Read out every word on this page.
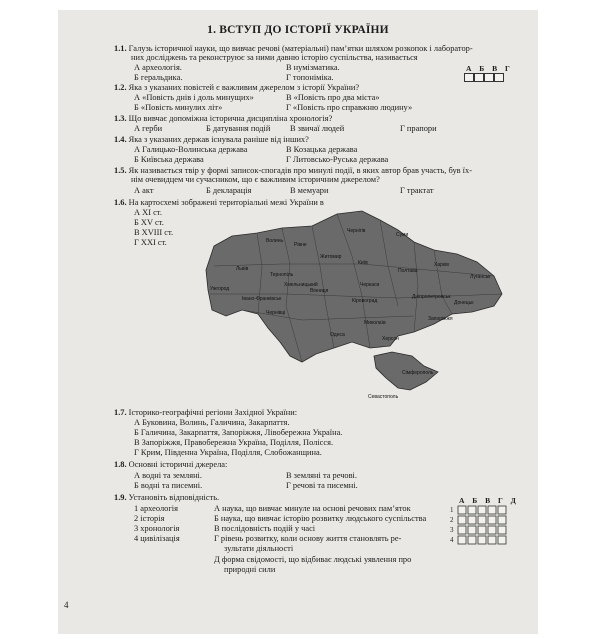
1. ВСТУП ДО ІСТОРІЇ УКРАЇНИ
1.1. Галузь історичної науки, що вивчає речові (матеріальні) пам’ятки шляхом розкопок і лаборатор-
них досліджень та реконструює за ними давню історію суспільства, називається
А археологія.	В нумізматика.
Б геральдика.	Г топоніміка.
А Б В Г
1.2. Яка з указаних повістей є важливим джерелом з історії України?
А «Повість днів і доль минущих»	В «Повість про два міста»
Б «Повість минулих літ»	Г «Повість про справжню людину»
1.3. Що вивчає допоміжна історична дисципліна хронологія?
А герби	Б датування подій В звичаї людей	Г прапори
1.4. Яка з указаних держав існувала раніше від інших?
А Галицько-Волинська держава	В Козацька держава
Б Київська держава	Г Литовсько-Руська держава
1.5. Як називається твір у формі записок-спогадів про минулі події, в яких автор брав участь, був їх-
нім очевидцем чи сучасником, що є важливим історичним джерелом?
А акт	Б декларація	В мемуари	Г трактат
1.6. На картосхемі зображені територіальні межі України в
А ХІ ст.
Б XV ст.
В XVIII ст.
Г XXI ст.	Волинь
Рівне
Житомир
Чернігів
Суми
Львів
Тернопіль
Хмельницький
Київ
Полтава
Харків
Луганськ
Ужгород
Івано-Франківськ
Вінниця
Черкаси
Кіровоград
Дніпропетровськ
Донецьк
Чернівці
Одеса
Миколаїв
Херсон
Запоріжжя
Сімферополь
Севастополь
1.7. Історико-географічні регіони Західної України:
А Буковина, Волинь, Галичина, Закарпаття.
Б Галичина, Закарпаття, Запоріжжя, Лівобережна Україна.
В Запоріжжя, Правобережна Україна, Поділля, Полісся.
Г Крим, Південна Україна, Поділля, Слобожанщина.
1.8. Основні історичні джерела:
А водні та земляні.	В земляні та речові.
Б водні та писемні.	Г речові та писемні.
1.9. Установіть відповідність.
1 археологія
2 історія
3 хронологія
4 цивілізація
А наука, що вивчає минуле на основі речових пам’яток
Б наука, що вивчає історію розвитку людського суспільства
В послідовність подій у часі
Г рівень розвитку, коли основу життя становлять ре-
зультати діяльності
Д форма свідомості, що відбиває людські уявлення про
природні сили
А Б В Г Д
1
2
3
4
4
